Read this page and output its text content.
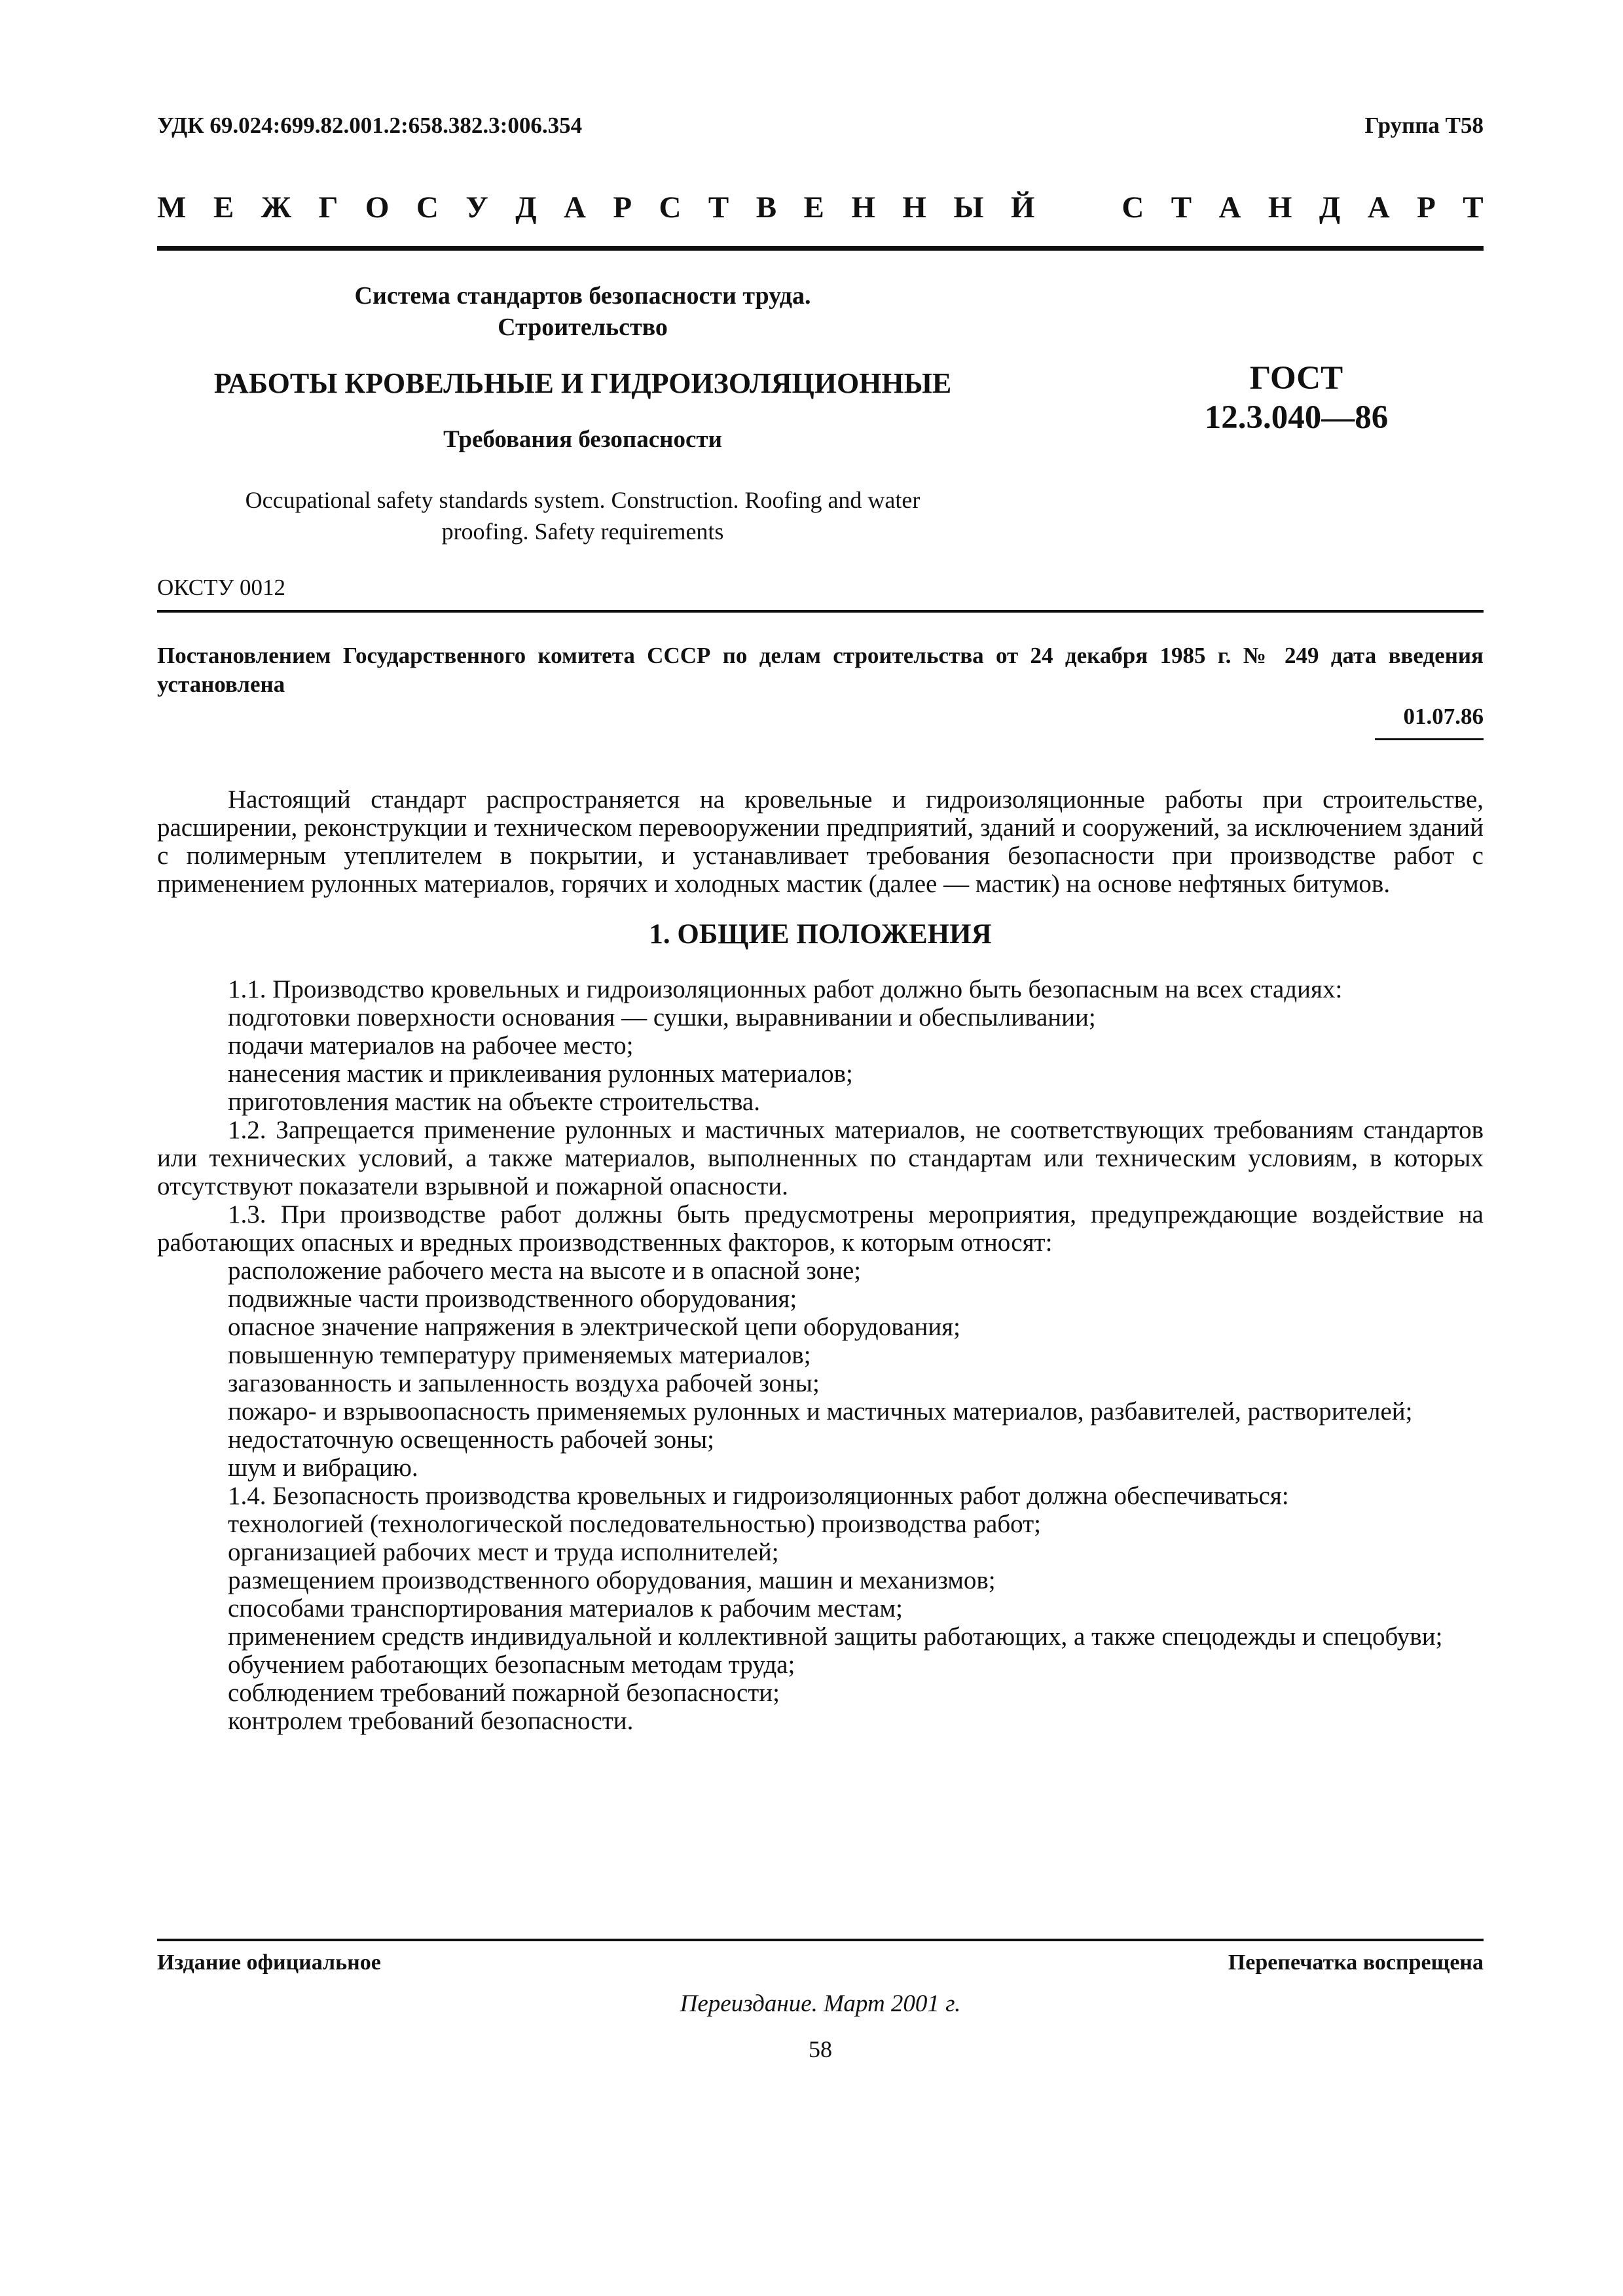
УДК 69.024:699.82.001.2:658.382.3:006.354	Группа Т58
М Е Ж Г О С У Д А Р С Т В Е Н Н Ы Й	С Т А Н Д А Р Т
Система стандартов безопасности труда.
Строительство
РАБОТЫ КРОВЕЛЬНЫЕ И ГИДРОИЗОЛЯЦИОННЫЕ
Требования безопасности
Occupational safety standards system. Construction. Roofing and water
proofing. Safety requirements
ГОСТ
12.3.040—86
ОКСТУ 0012
Постановлением Государственного комитета СССР по делам строительства от 24 декабря 1985 г. № 249 дата введения установлена
01.07.86

Настоящий стандарт распространяется на кровельные и гидроизоляционные работы при строительстве, расширении, реконструкции и техническом перевооружении предприятий, зданий и сооружений, за исключением зданий с полимерным утеплителем в покрытии, и устанавливает требования безопасности при производстве работ с применением рулонных материалов, горячих и холодных мастик (далее — мастик) на основе нефтяных битумов.

1. ОБЩИЕ ПОЛОЖЕНИЯ

1.1. Производство кровельных и гидроизоляционных работ должно быть безопасным на всех стадиях:

подготовки поверхности основания — сушки, выравнивании и обеспыливании;

подачи материалов на рабочее место;

нанесения мастик и приклеивания рулонных материалов;

приготовления мастик на объекте строительства.

1.2. Запрещается применение рулонных и мастичных материалов, не соответствующих требованиям стандартов или технических условий, а также материалов, выполненных по стандартам или техническим условиям, в которых отсутствуют показатели взрывной и пожарной опасности.

1.3. При производстве работ должны быть предусмотрены мероприятия, предупреждающие воздействие на работающих опасных и вредных производственных факторов, к которым относят:

расположение рабочего места на высоте и в опасной зоне;

подвижные части производственного оборудования;

опасное значение напряжения в электрической цепи оборудования;

повышенную температуру применяемых материалов;

загазованность и запыленность воздуха рабочей зоны;

пожаро- и взрывоопасность применяемых рулонных и мастичных материалов, разбавителей, растворителей;

недостаточную освещенность рабочей зоны;

шум и вибрацию.

1.4. Безопасность производства кровельных и гидроизоляционных работ должна обеспечиваться:

технологией (технологической последовательностью) производства работ;

организацией рабочих мест и труда исполнителей;

размещением производственного оборудования, машин и механизмов;

способами транспортирования материалов к рабочим местам;

применением средств индивидуальной и коллективной защиты работающих, а также спецодежды и спецобуви;

обучением работающих безопасным методам труда;

соблюдением требований пожарной безопасности;

контролем требований безопасности.

Издание официальное	Перепечатка воспрещена
Переиздание. Март 2001 г.
58
